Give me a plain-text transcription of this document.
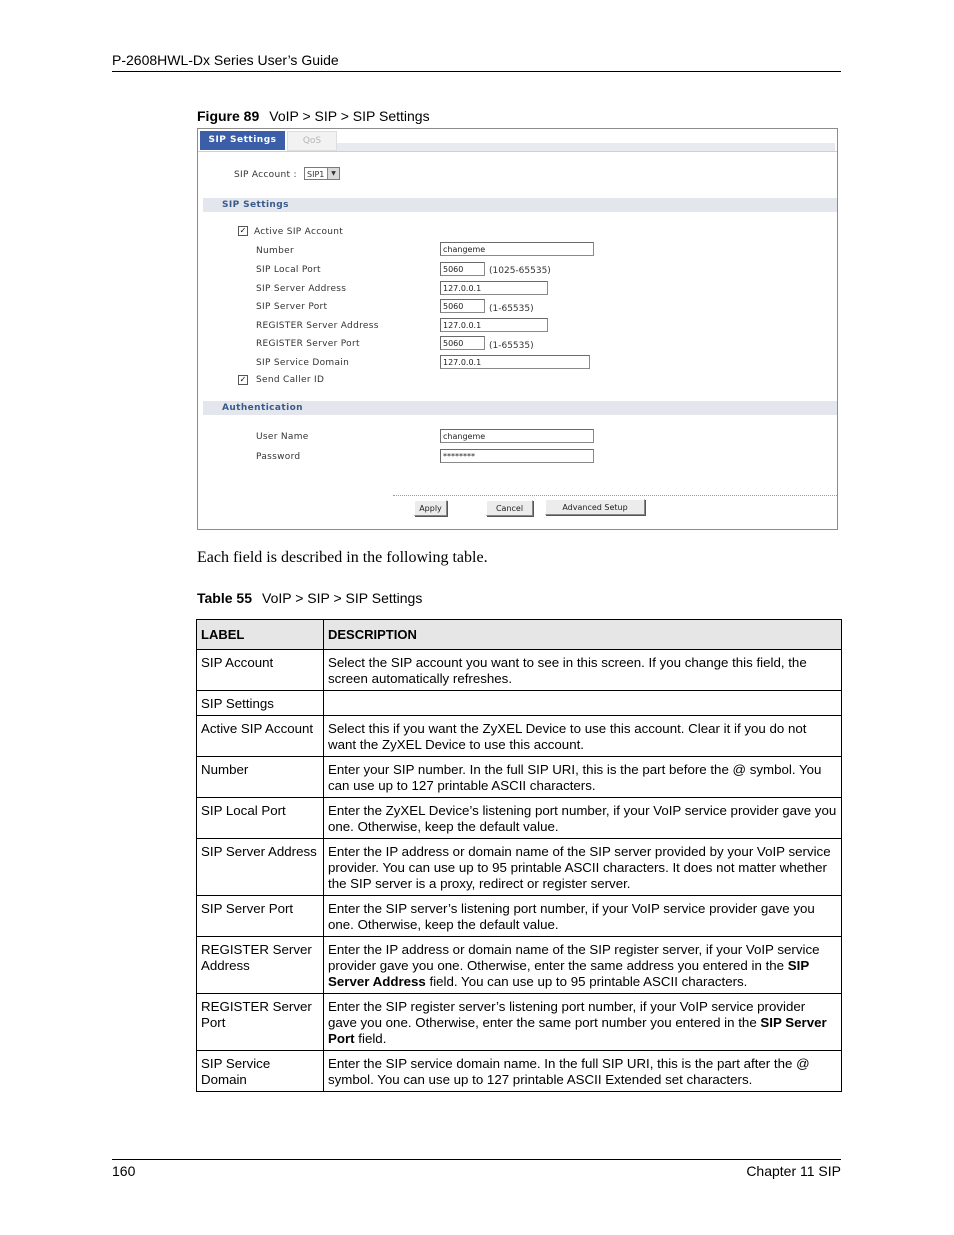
P-2608HWL-Dx Series User’s Guide
Figure 89 VoIP > SIP > SIP Settings
SIP Settings	QoS
SIP Account :	SIP1	▼
SIP Settings
✓ Active SIP Account
Number	changeme
SIP Local Port	5060	(1025-65535)
SIP Server Address	127.0.0.1
SIP Server Port	5060	(1-65535)
REGISTER Server Address	127.0.0.1
REGISTER Server Port	5060	(1-65535)
SIP Service Domain	127.0.0.1
✓ Send Caller ID
Authentication
User Name	changeme
Password	********
Apply	Cancel	Advanced Setup
Each field is described in the following table.
Table 55 VoIP > SIP > SIP Settings
LABEL	DESCRIPTION
SIP Account	Select the SIP account you want to see in this screen. If you change this field, the screen automatically refreshes.
SIP Settings	
Active SIP Account	Select this if you want the ZyXEL Device to use this account. Clear it if you do not want the ZyXEL Device to use this account.
Number	Enter your SIP number. In the full SIP URI, this is the part before the @ symbol. You can use up to 127 printable ASCII characters.
SIP Local Port	Enter the ZyXEL Device’s listening port number, if your VoIP service provider gave you one. Otherwise, keep the default value.
SIP Server Address	Enter the IP address or domain name of the SIP server provided by your VoIP service provider. You can use up to 95 printable ASCII characters. It does not matter whether the SIP server is a proxy, redirect or register server.
SIP Server Port	Enter the SIP server’s listening port number, if your VoIP service provider gave you one. Otherwise, keep the default value.
REGISTER Server Address	Enter the IP address or domain name of the SIP register server, if your VoIP service provider gave you one. Otherwise, enter the same address you entered in the SIP Server Address field. You can use up to 95 printable ASCII characters.
REGISTER Server Port	Enter the SIP register server’s listening port number, if your VoIP service provider gave you one. Otherwise, enter the same port number you entered in the SIP Server Port field.
SIP Service Domain	Enter the SIP service domain name. In the full SIP URI, this is the part after the @ symbol. You can use up to 127 printable ASCII Extended set characters.
160	Chapter 11 SIP
